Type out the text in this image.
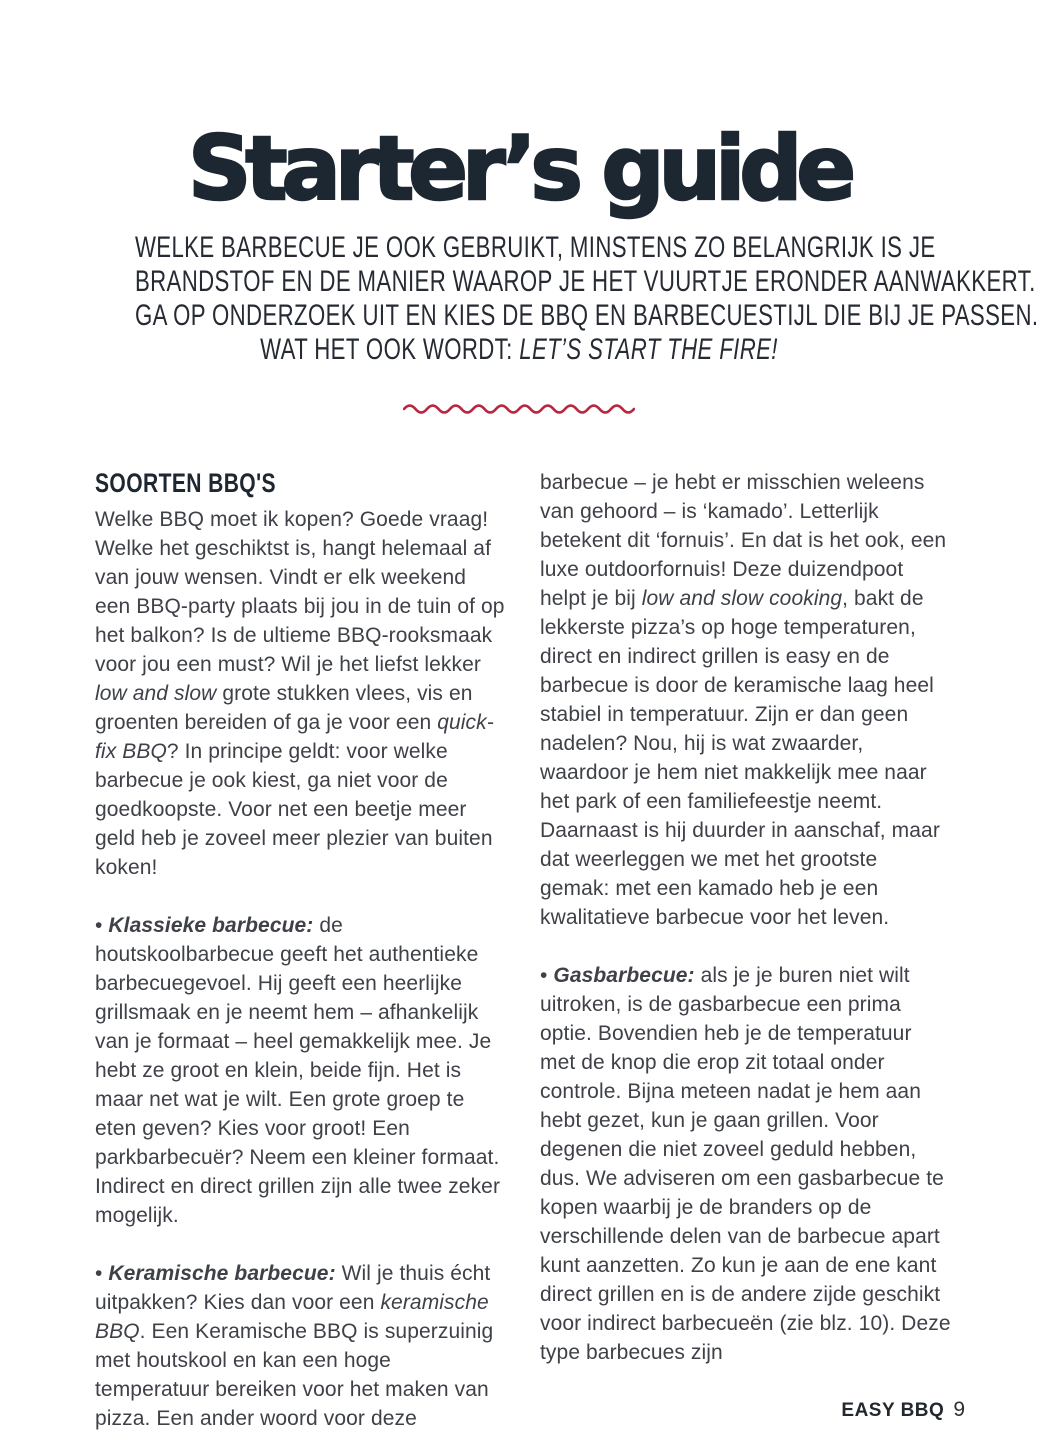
Starter’s guide
WELKE BARBECUE JE OOK GEBRUIKT, MINSTENS ZO BELANGRIJK IS JE
BRANDSTOF EN DE MANIER WAAROP JE HET VUURTJE ERONDER AANWAKKERT.
GA OP ONDERZOEK UIT EN KIES DE BBQ EN BARBECUESTIJL DIE BIJ JE PASSEN.
WAT HET OOK WORDT: LET’S START THE FIRE!
SOORTEN BBQ'S

Welke BBQ moet ik kopen? Goede vraag! Welke het geschiktst is, hangt helemaal af van jouw wensen. Vindt er elk weekend een BBQ-party plaats bij jou in de tuin of op het balkon? Is de ultieme BBQ-rooksmaak voor jou een must? Wil je het liefst lekker low and slow grote stukken vlees, vis en groenten bereiden of ga je voor een quick-fix BBQ? In principe geldt: voor welke barbecue je ook kiest, ga niet voor de goedkoopste. Voor net een beetje meer geld heb je zoveel meer plezier van buiten koken!

• Klassieke barbecue: de houtskoolbarbecue geeft het authentieke barbecuegevoel. Hij geeft een heerlijke grillsmaak en je neemt hem – afhankelijk van je formaat – heel gemakkelijk mee. Je hebt ze groot en klein, beide fijn. Het is maar net wat je wilt. Een grote groep te eten geven? Kies voor groot! Een parkbarbecuër? Neem een kleiner formaat. Indirect en direct grillen zijn alle twee zeker mogelijk.

• Keramische barbecue: Wil je thuis écht uitpakken? Kies dan voor een keramische BBQ. Een Keramische BBQ is superzuinig met houtskool en kan een hoge temperatuur bereiken voor het maken van pizza. Een ander woord voor deze

barbecue – je hebt er misschien weleens van gehoord – is ‘kamado’. Letterlijk betekent dit ‘fornuis’. En dat is het ook, een luxe outdoorfornuis! Deze duizendpoot helpt je bij low and slow cooking, bakt de lekkerste pizza’s op hoge temperaturen, direct en indirect grillen is easy en de barbecue is door de keramische laag heel stabiel in temperatuur. Zijn er dan geen nadelen? Nou, hij is wat zwaarder, waardoor je hem niet makkelijk mee naar het park of een familiefeestje neemt. Daarnaast is hij duurder in aanschaf, maar dat weerleggen we met het grootste gemak: met een kamado heb je een kwalitatieve barbecue voor het leven.

• Gasbarbecue: als je je buren niet wilt uitroken, is de gasbarbecue een prima optie. Bovendien heb je de temperatuur met de knop die erop zit totaal onder controle. Bijna meteen nadat je hem aan hebt gezet, kun je gaan grillen. Voor degenen die niet zoveel geduld hebben, dus. We adviseren om een gasbarbecue te kopen waarbij je de branders op de verschillende delen van de barbecue apart kunt aanzetten. Zo kun je aan de ene kant direct grillen en is de andere zijde geschikt voor indirect barbecueën (zie blz. 10). Deze type barbecues zijn

EASY BBQ 9
